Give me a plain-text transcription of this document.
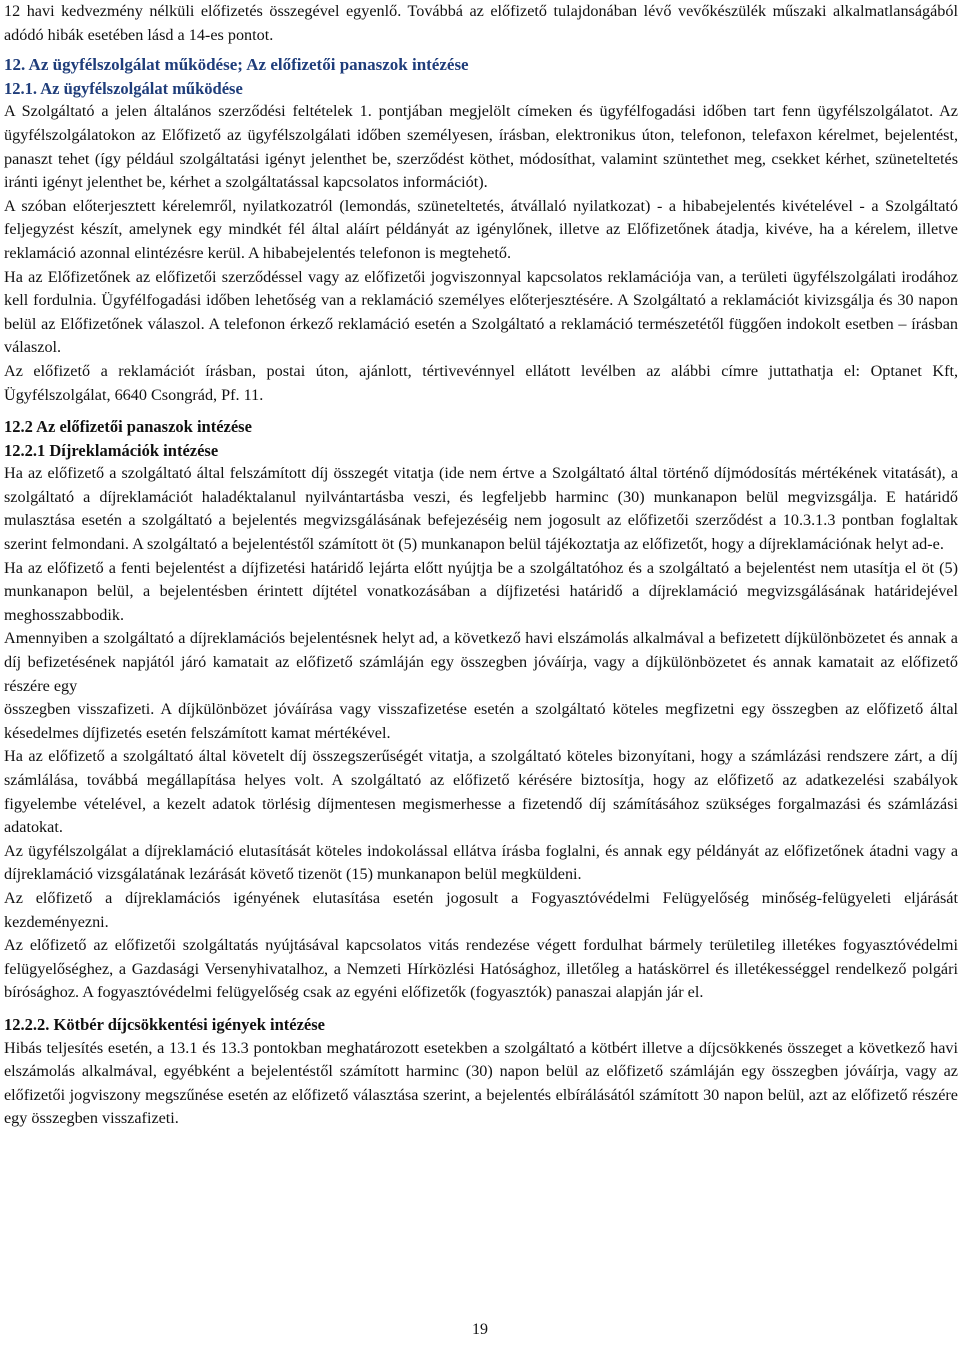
12 havi kedvezmény nélküli előfizetés összegével egyenlő. Továbbá az előfizető tulajdonában lévő vevőkészülék műszaki alkalmatlanságából adódó hibák esetében lásd a 14-es pontot.

12. Az ügyfélszolgálat működése; Az előfizetői panaszok intézése
12.1. Az ügyfélszolgálat működése

A Szolgáltató a jelen általános szerződési feltételek 1. pontjában megjelölt címeken és ügyfélfogadási időben tart fenn ügyfélszolgálatot. Az ügyfélszolgálatokon az Előfizető az ügyfélszolgálati időben személyesen, írásban, elektronikus úton, telefonon, telefaxon kérelmet, bejelentést, panaszt tehet (így például szolgáltatási igényt jelenthet be, szerződést köthet, módosíthat, valamint szüntethet meg, csekket kérhet, szüneteltetés iránti igényt jelenthet be, kérhet a szolgáltatással kapcsolatos információt).

A szóban előterjesztett kérelemről, nyilatkozatról (lemondás, szüneteltetés, átvállaló nyilatkozat) - a hibabejelentés kivételével - a Szolgáltató feljegyzést készít, amelynek egy mindkét fél által aláírt példányát az igénylőnek, illetve az Előfizetőnek átadja, kivéve, ha a kérelem, illetve reklamáció azonnal elintézésre kerül. A hibabejelentés telefonon is megtehető.

Ha az Előfizetőnek az előfizetői szerződéssel vagy az előfizetői jogviszonnyal kapcsolatos reklamációja van, a területi ügyfélszolgálati irodához kell fordulnia. Ügyfélfogadási időben lehetőség van a reklamáció személyes előterjesztésére. A Szolgáltató a reklamációt kivizsgálja és 30 napon belül az Előfizetőnek válaszol. A telefonon érkező reklamáció esetén a Szolgáltató a reklamáció természetétől függően indokolt esetben – írásban válaszol.

Az előfizető a reklamációt írásban, postai úton, ajánlott, tértivevénnyel ellátott levélben az alábbi címre juttathatja el: Optanet Kft, Ügyfélszolgálat, 6640 Csongrád, Pf. 11.

12.2 Az előfizetői panaszok intézése
12.2.1 Díjreklamációk intézése

Ha az előfizető a szolgáltató által felszámított díj összegét vitatja (ide nem értve a Szolgáltató által történő díjmódosítás mértékének vitatását), a szolgáltató a díjreklamációt haladéktalanul nyilvántartásba veszi, és legfeljebb harminc (30) munkanapon belül megvizsgálja. E határidő mulasztása esetén a szolgáltató a bejelentés megvizsgálásának befejezéséig nem jogosult az előfizetői szerződést a 10.3.1.3 pontban foglaltak szerint felmondani. A szolgáltató a bejelentéstől számított öt (5) munkanapon belül tájékoztatja az előfizetőt, hogy a díjreklamációnak helyt ad-e.

Ha az előfizető a fenti bejelentést a díjfizetési határidő lejárta előtt nyújtja be a szolgáltatóhoz és a szolgáltató a bejelentést nem utasítja el öt (5) munkanapon belül, a bejelentésben érintett díjtétel vonatkozásában a díjfizetési határidő a díjreklamáció megvizsgálásának határidejével meghosszabbodik.

Amennyiben a szolgáltató a díjreklamációs bejelentésnek helyt ad, a következő havi elszámolás alkalmával a befizetett díjkülönbözetet és annak a díj befizetésének napjától járó kamatait az előfizető számláján egy összegben jóváírja, vagy a díjkülönbözetet és annak kamatait az előfizető részére egy

összegben visszafizeti. A díjkülönbözet jóváírása vagy visszafizetése esetén a szolgáltató köteles megfizetni egy összegben az előfizető által késedelmes díjfizetés esetén felszámított kamat mértékével.

Ha az előfizető a szolgáltató által követelt díj összegszerűségét vitatja, a szolgáltató köteles bizonyítani, hogy a számlázási rendszere zárt, a díj számlálása, továbbá megállapítása helyes volt. A szolgáltató az előfizető kérésére biztosítja, hogy az előfizető az adatkezelési szabályok figyelembe vételével, a kezelt adatok törlésig díjmentesen megismerhesse a fizetendő díj számításához szükséges forgalmazási és számlázási adatokat.

Az ügyfélszolgálat a díjreklamáció elutasítását köteles indokolással ellátva írásba foglalni, és annak egy példányát az előfizetőnek átadni vagy a díjreklamáció vizsgálatának lezárását követő tizenöt (15) munkanapon belül megküldeni.

Az előfizető a díjreklamációs igényének elutasítása esetén jogosult a Fogyasztóvédelmi Felügyelőség minőség-felügyeleti eljárását kezdeményezni.

Az előfizető az előfizetői szolgáltatás nyújtásával kapcsolatos vitás rendezése végett fordulhat bármely területileg illetékes fogyasztóvédelmi felügyelőséghez, a Gazdasági Versenyhivatalhoz, a Nemzeti Hírközlési Hatósághoz, illetőleg a hatáskörrel és illetékességgel rendelkező polgári bírósághoz. A fogyasztóvédelmi felügyelőség csak az egyéni előfizetők (fogyasztók) panaszai alapján jár el.

12.2.2. Kötbér díjcsökkentési igények intézése

Hibás teljesítés esetén, a 13.1 és 13.3 pontokban meghatározott esetekben a szolgáltató a kötbért illetve a díjcsökkenés összeget a következő havi elszámolás alkalmával, egyébként a bejelentéstől számított harminc (30) napon belül az előfizető számláján egy összegben jóváírja, vagy az előfizetői jogviszony megszűnése esetén az előfizető választása szerint, a bejelentés elbírálásától számított 30 napon belül, azt az előfizető részére egy összegben visszafizeti.

19
